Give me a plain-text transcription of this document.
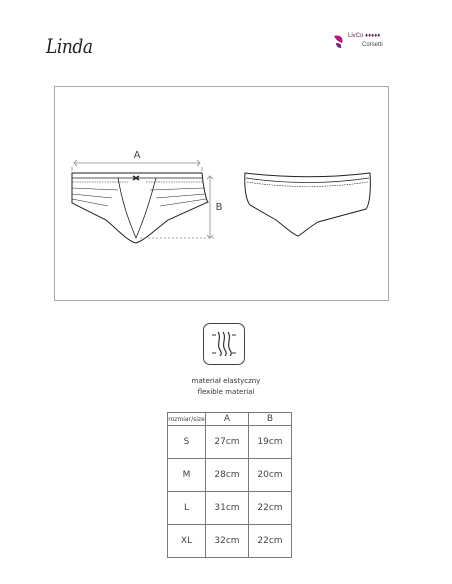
Linda	LivCo ♦♦♦♦♦
Corsetti
A
B
materiał elastyczny
flexible material
rozmiar/size	A	B
S	27cm	19cm
M	28cm	20cm
L	31cm	22cm
XL	32cm	22cm
